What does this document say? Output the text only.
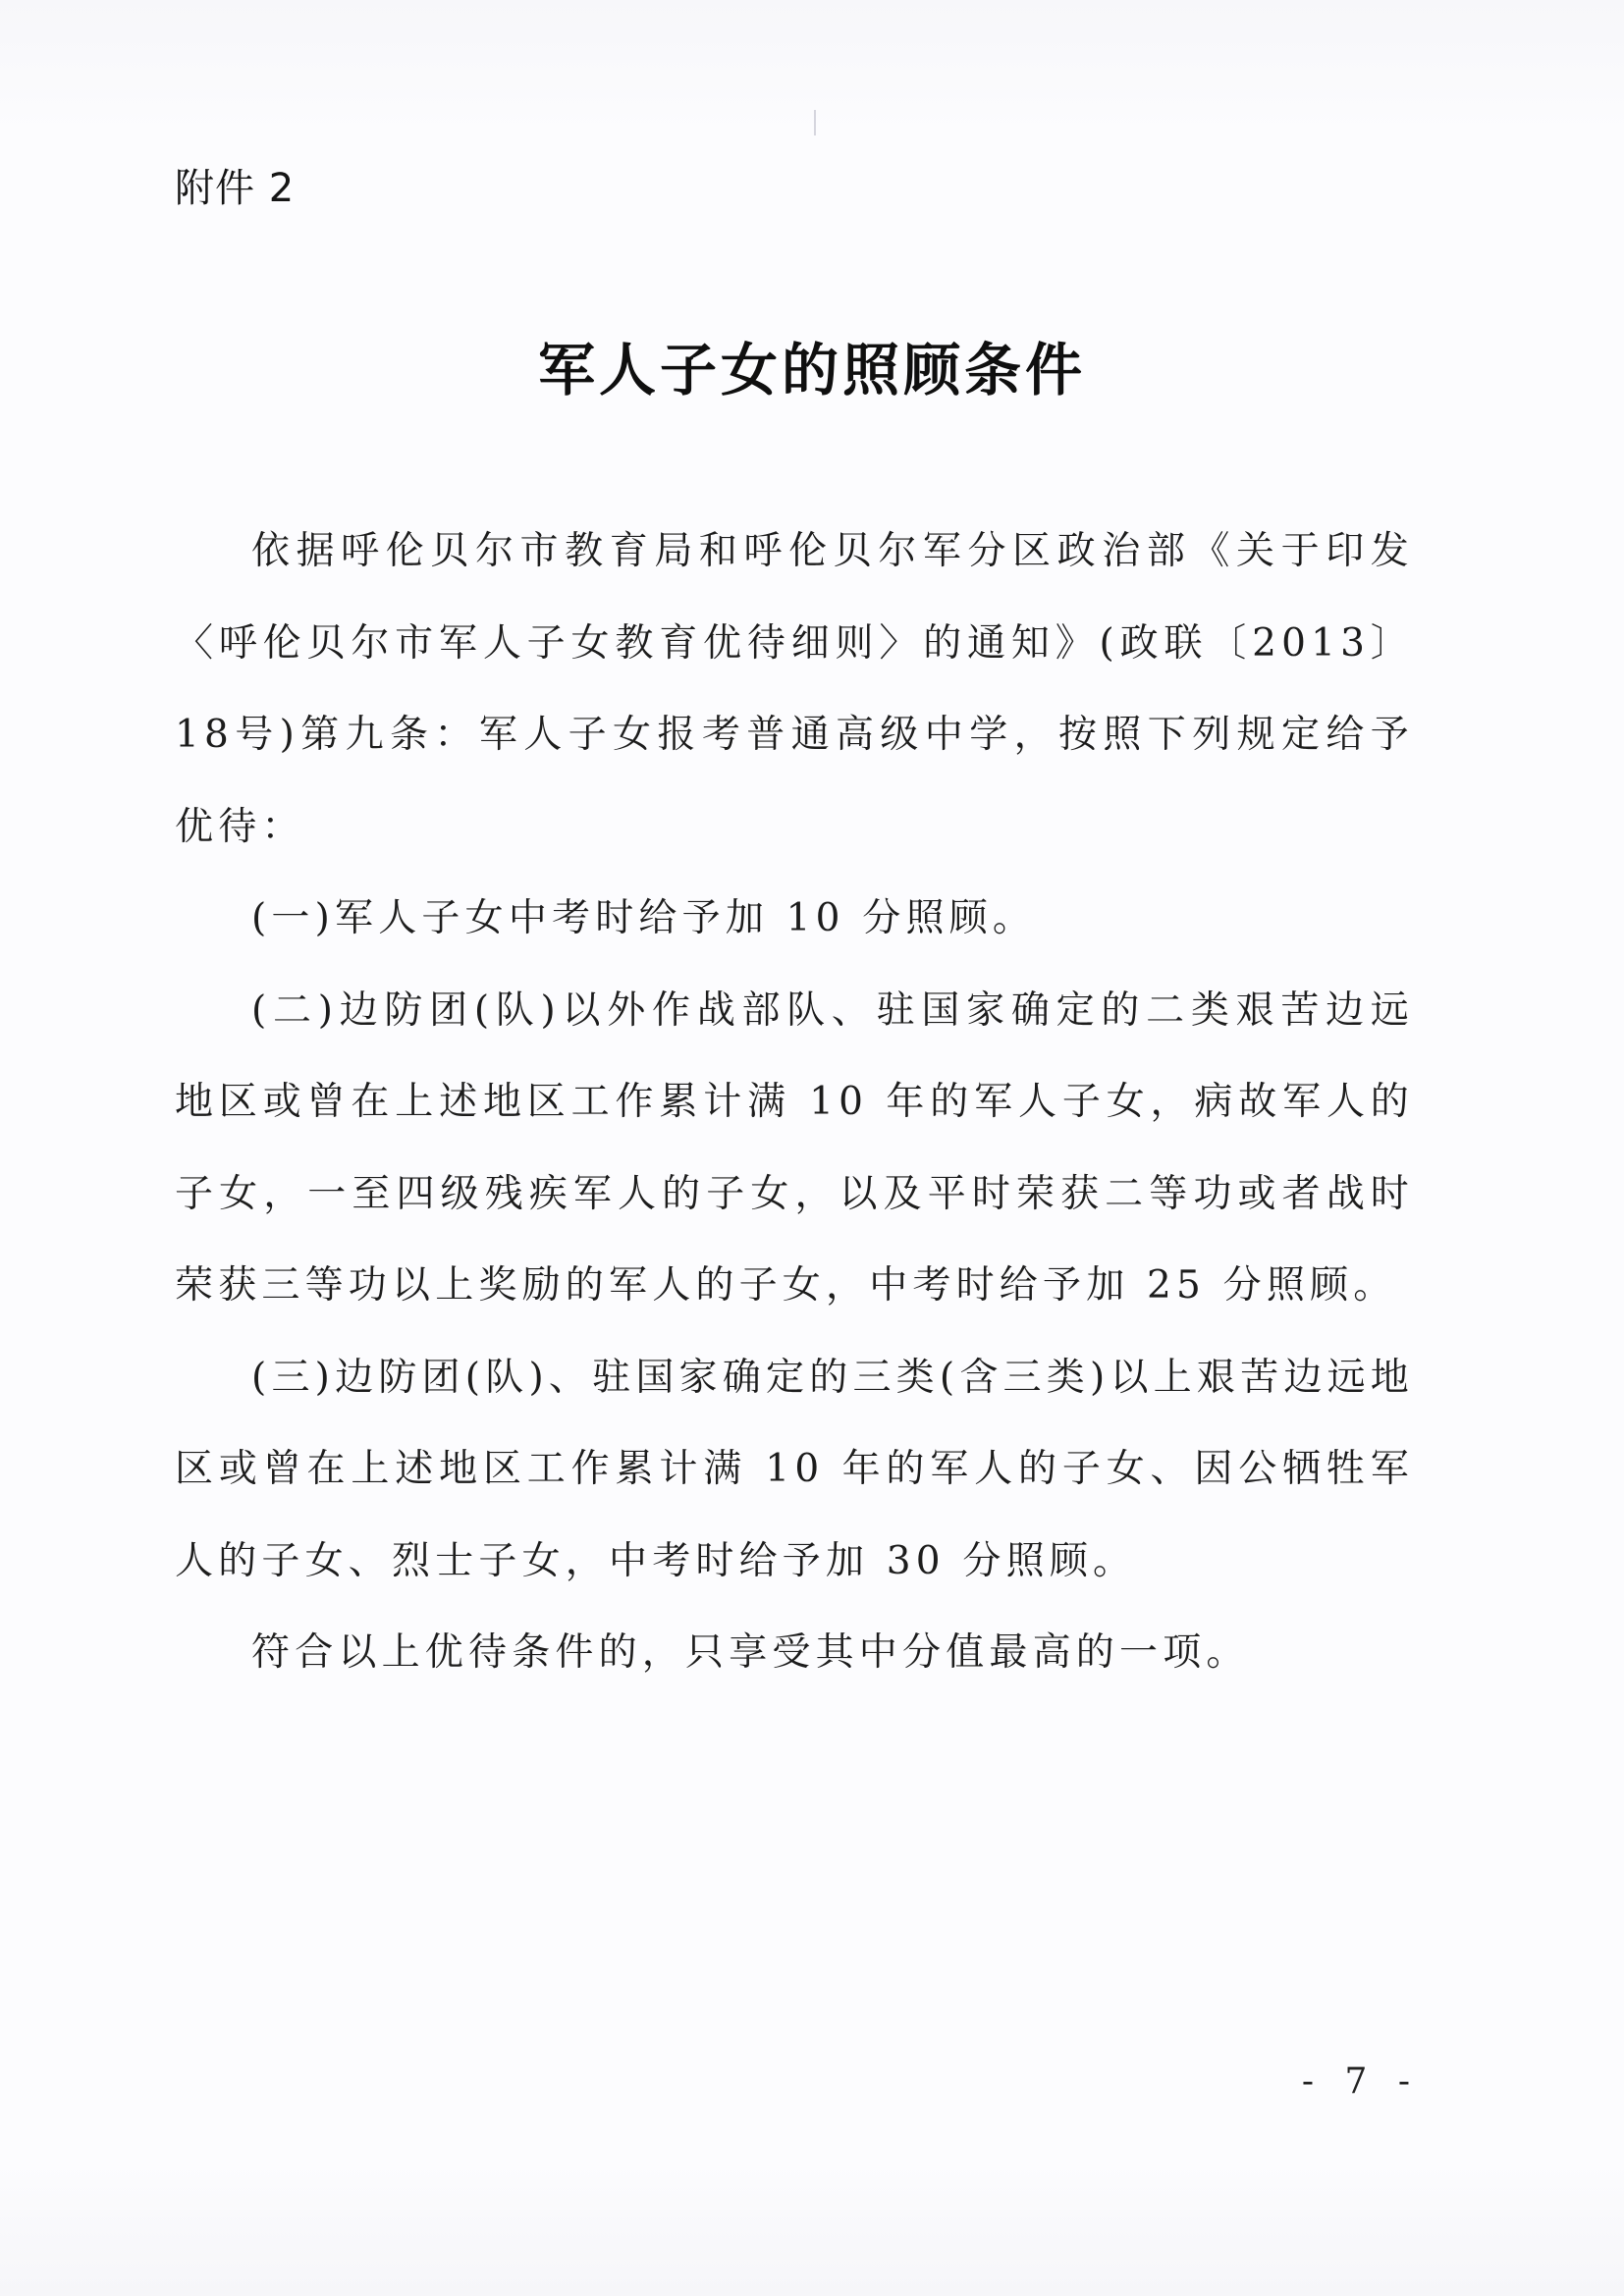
附件 2
军人子女的照顾条件

依据呼伦贝尔市教育局和呼伦贝尔军分区政治部《关于印发〈呼伦贝尔市军人子女教育优待细则〉的通知》(政联〔2013〕18号)第九条：军人子女报考普通高级中学，按照下列规定给予优待：

(一)军人子女中考时给予加 10 分照顾。

(二)边防团(队)以外作战部队、驻国家确定的二类艰苦边远地区或曾在上述地区工作累计满 10 年的军人子女，病故军人的子女，一至四级残疾军人的子女，以及平时荣获二等功或者战时荣获三等功以上奖励的军人的子女，中考时给予加 25 分照顾。

(三)边防团(队)、驻国家确定的三类(含三类)以上艰苦边远地区或曾在上述地区工作累计满 10 年的军人的子女、因公牺牲军人的子女、烈士子女，中考时给予加 30 分照顾。

符合以上优待条件的，只享受其中分值最高的一项。

- 7 -
